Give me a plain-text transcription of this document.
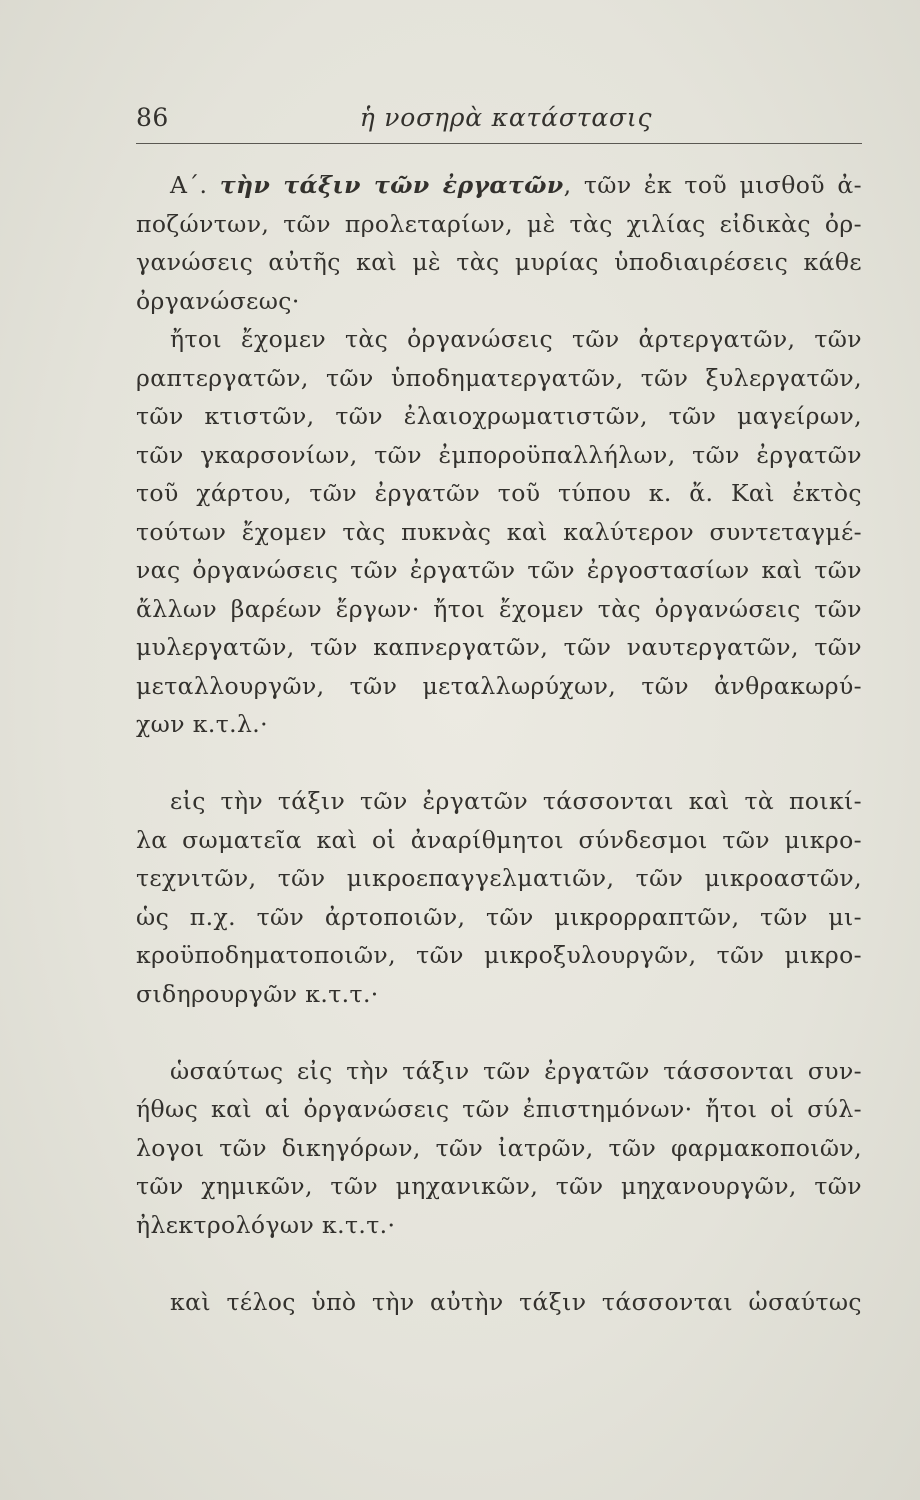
86	ἡ νοσηρὰ κατάστασις
Α΄. τὴν τάξιν τῶν ἐργατῶν, τῶν ἐκ τοῦ μισθοῦ ἀ-
ποζώντων, τῶν προλεταρίων, μὲ τὰς χιλίας εἰδικὰς ὀρ-
γανώσεις αὐτῆς καὶ μὲ τὰς μυρίας ὑποδιαιρέσεις κάθε
ὀργανώσεως·
ἤτοι ἔχομεν τὰς ὀργανώσεις τῶν ἀρτεργατῶν, τῶν
ραπτεργατῶν, τῶν ὑποδηματεργατῶν, τῶν ξυλεργατῶν,
τῶν κτιστῶν, τῶν ἐλαιοχρωματιστῶν, τῶν μαγείρων,
τῶν γκαρσονίων, τῶν ἐμποροϋπαλλήλων, τῶν ἐργατῶν
τοῦ χάρτου, τῶν ἐργατῶν τοῦ τύπου κ. ἄ. Καὶ ἐκτὸς
τούτων ἔχομεν τὰς πυκνὰς καὶ καλύτερον συντεταγμέ-
νας ὀργανώσεις τῶν ἐργατῶν τῶν ἐργοστασίων καὶ τῶν
ἄλλων βαρέων ἔργων· ἤτοι ἔχομεν τὰς ὀργανώσεις τῶν
μυλεργατῶν, τῶν καπνεργατῶν, τῶν ναυτεργατῶν, τῶν
μεταλλουργῶν, τῶν μεταλλωρύχων, τῶν ἀνθρακωρύ-
χων κ.τ.λ.·
εἰς τὴν τάξιν τῶν ἐργατῶν τάσσονται καὶ τὰ ποικί-
λα σωματεῖα καὶ οἱ ἀναρίθμητοι σύνδεσμοι τῶν μικρο-
τεχνιτῶν, τῶν μικροεπαγγελματιῶν, τῶν μικροαστῶν,
ὡς π.χ. τῶν ἀρτοποιῶν, τῶν μικρορραπτῶν, τῶν μι-
κροϋποδηματοποιῶν, τῶν μικροξυλουργῶν, τῶν μικρο-
σιδηρουργῶν κ.τ.τ.·
ὡσαύτως εἰς τὴν τάξιν τῶν ἐργατῶν τάσσονται συν-
ήθως καὶ αἱ ὀργανώσεις τῶν ἐπιστημόνων· ἤτοι οἱ σύλ-
λογοι τῶν δικηγόρων, τῶν ἰατρῶν, τῶν φαρμακοποιῶν,
τῶν χημικῶν, τῶν μηχανικῶν, τῶν μηχανουργῶν, τῶν
ἠλεκτρολόγων κ.τ.τ.·
καὶ τέλος ὑπὸ τὴν αὐτὴν τάξιν τάσσονται ὡσαύτως
